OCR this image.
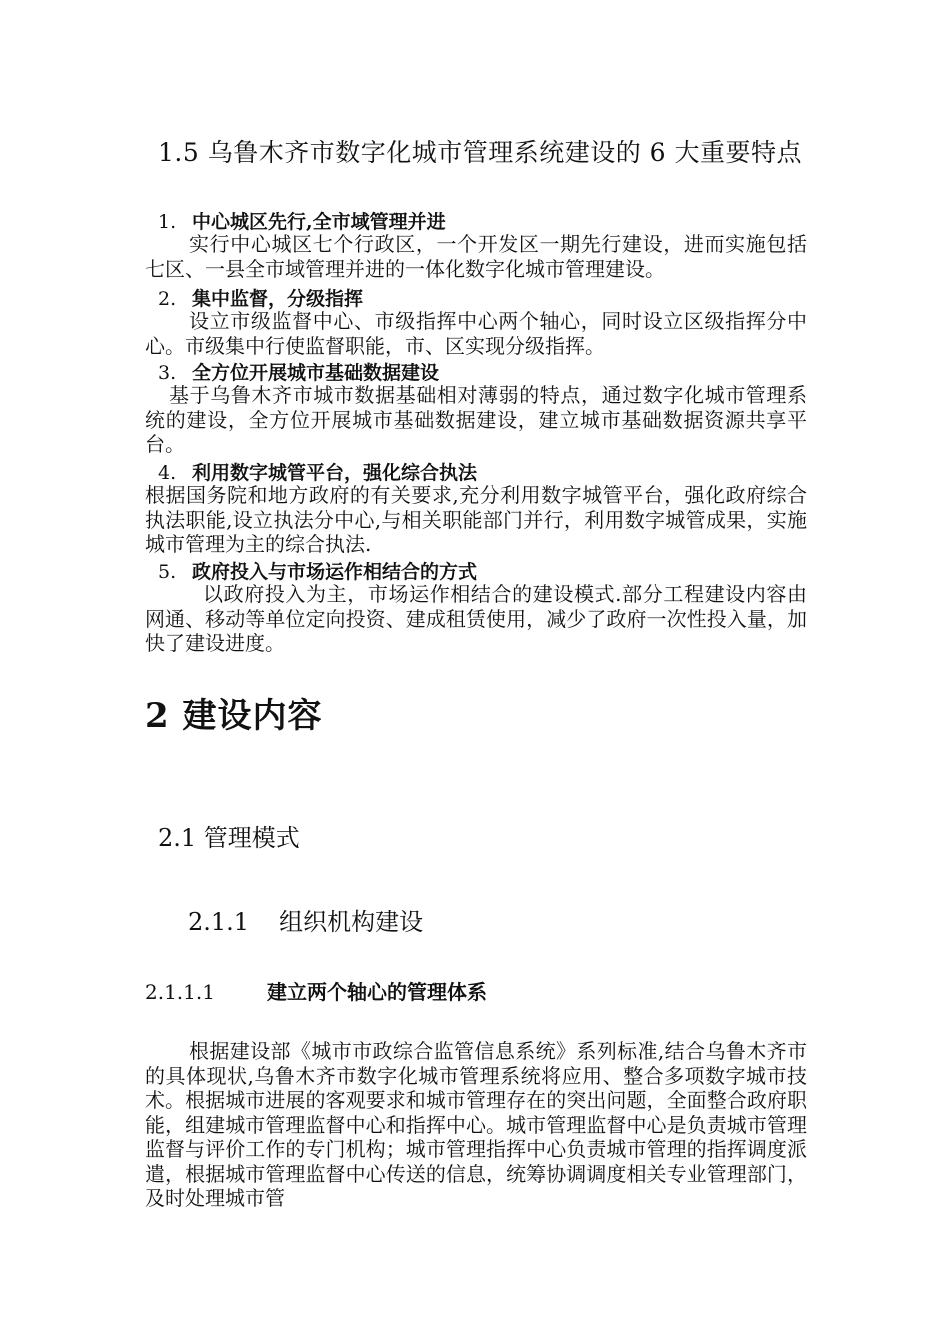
1.5 乌鲁木齐市数字化城市管理系统建设的 6 大重要特点
1. 中心城区先行,全市域管理并进
实行中心城区七个行政区，一个开发区一期先行建设，进而实施包括七区、一县全市域管理并进的一体化数字化城市管理建设。
2. 集中监督，分级指挥
设立市级监督中心、市级指挥中心两个轴心，同时设立区级指挥分中心。市级集中行使监督职能，市、区实现分级指挥。
3. 全方位开展城市基础数据建设
基于乌鲁木齐市城市数据基础相对薄弱的特点，通过数字化城市管理系统的建设，全方位开展城市基础数据建设，建立城市基础数据资源共享平台。
4. 利用数字城管平台，强化综合执法
根据国务院和地方政府的有关要求,充分利用数字城管平台，强化政府综合执法职能,设立执法分中心,与相关职能部门并行，利用数字城管成果，实施城市管理为主的综合执法.
5. 政府投入与市场运作相结合的方式
以政府投入为主，市场运作相结合的建设模式.部分工程建设内容由网通、移动等单位定向投资、建成租赁使用，减少了政府一次性投入量，加快了建设进度。
2 建设内容
2.1 管理模式
2.1.1 组织机构建设
2.1.1.1	建立两个轴心的管理体系
根据建设部《城市市政综合监管信息系统》系列标准,结合乌鲁木齐市的具体现状,乌鲁木齐市数字化城市管理系统将应用、整合多项数字城市技术。根据城市进展的客观要求和城市管理存在的突出问题，全面整合政府职能，组建城市管理监督中心和指挥中心。城市管理监督中心是负责城市管理监督与评价工作的专门机构；城市管理指挥中心负责城市管理的指挥调度派遣，根据城市管理监督中心传送的信息，统筹协调调度相关专业管理部门，及时处理城市管
